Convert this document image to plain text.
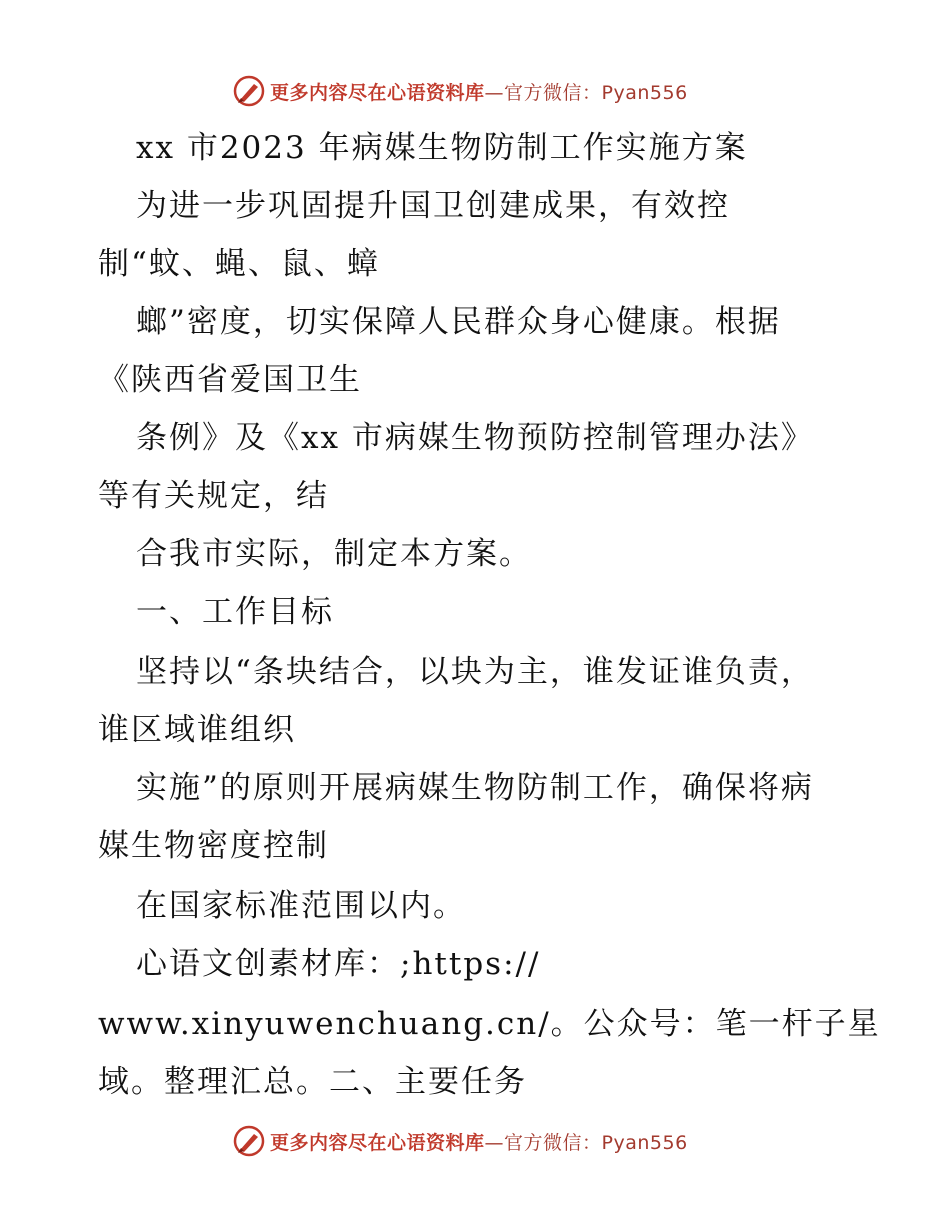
更多内容尽在心语资料库—官方微信：Pyan556
xx 市2023 年病媒生物防制工作实施方案
为进一步巩固提升国卫创建成果，有效控
制“蚊、蝇、鼠、蟑
螂”密度，切实保障人民群众身心健康。根据
《陕西省爱国卫生
条例》及《xx 市病媒生物预防控制管理办法》
等有关规定，结
合我市实际，制定本方案。
一、工作目标
坚持以“条块结合，以块为主，谁发证谁负责，
谁区域谁组织
实施”的原则开展病媒生物防制工作，确保将病
媒生物密度控制
在国家标准范围以内。
心语文创素材库：;https://
www.xinyuwenchuang.cn/。公众号：笔一杆子星
域。整理汇总。二、主要任务
更多内容尽在心语资料库—官方微信：Pyan556
